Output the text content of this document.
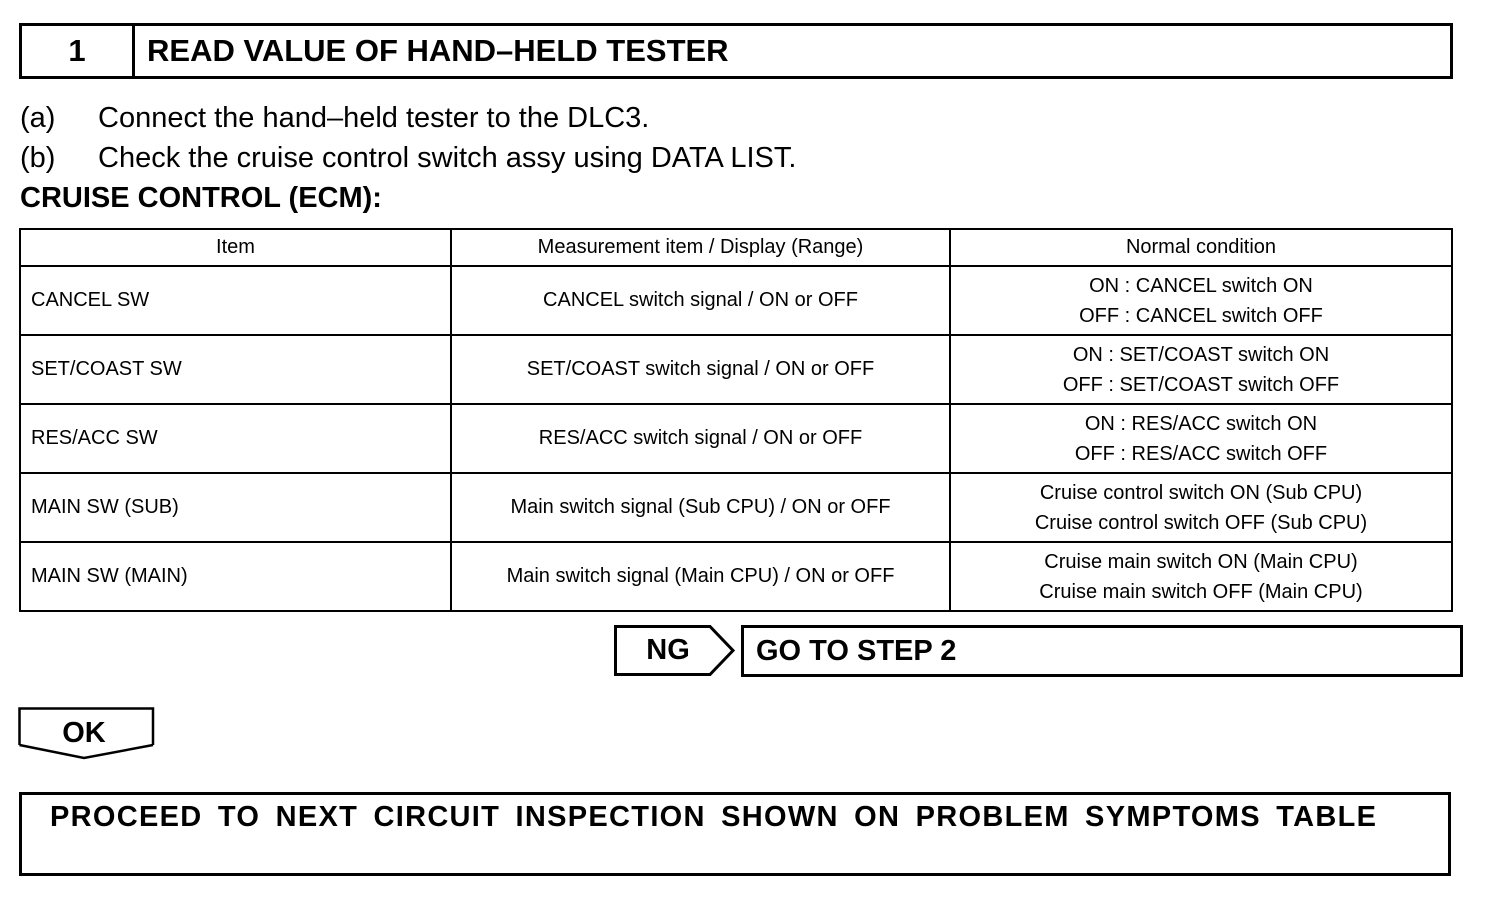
1	READ VALUE OF HAND–HELD TESTER
(a)	Connect the hand–held tester to the DLC3.
(b)	Check the cruise control switch assy using DATA LIST.
CRUISE CONTROL (ECM):
Item	Measurement item / Display (Range)	Normal condition
CANCEL SW	CANCEL switch signal / ON or OFF	ON : CANCEL switch ON
OFF : CANCEL switch OFF

SET/COAST SW	SET/COAST switch signal / ON or OFF	ON : SET/COAST switch ON
OFF : SET/COAST switch OFF

RES/ACC SW	RES/ACC switch signal / ON or OFF	ON : RES/ACC switch ON
OFF : RES/ACC switch OFF

MAIN SW (SUB)	Main switch signal (Sub CPU) / ON or OFF	Cruise control switch ON (Sub CPU)
Cruise control switch OFF (Sub CPU)

MAIN SW (MAIN)	Main switch signal (Main CPU) / ON or OFF	Cruise main switch ON (Main CPU)
Cruise main switch OFF (Main CPU)
NG	GO TO STEP 2
OK
PROCEED TO NEXT CIRCUIT INSPECTION SHOWN ON PROBLEM SYMPTOMS TABLE
